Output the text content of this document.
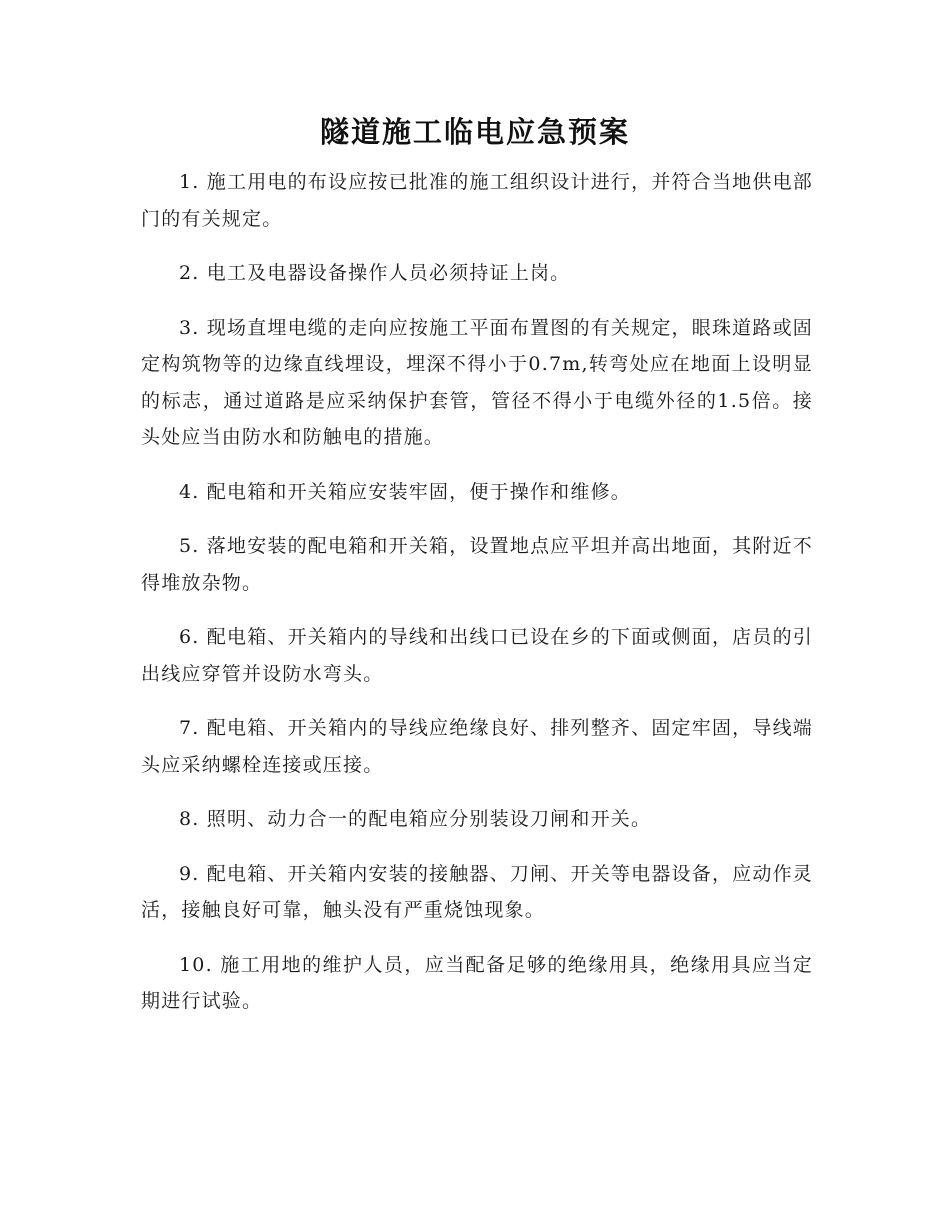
隧道施工临电应急预案

1. 施工用电的布设应按已批准的施工组织设计进行，并符合当地供电部门的有关规定。

2. 电工及电器设备操作人员必须持证上岗。

3. 现场直埋电缆的走向应按施工平面布置图的有关规定，眼珠道路或固定构筑物等的边缘直线埋设，埋深不得小于0.7m,转弯处应在地面上设明显的标志，通过道路是应采纳保护套管，管径不得小于电缆外径的1.5倍。接头处应当由防水和防触电的措施。

4. 配电箱和开关箱应安装牢固，便于操作和维修。

5. 落地安装的配电箱和开关箱，设置地点应平坦并高出地面，其附近不得堆放杂物。

6. 配电箱、开关箱内的导线和出线口已设在乡的下面或侧面，店员的引出线应穿管并设防水弯头。

7. 配电箱、开关箱内的导线应绝缘良好、排列整齐、固定牢固，导线端头应采纳螺栓连接或压接。

8. 照明、动力合一的配电箱应分别装设刀闸和开关。

9. 配电箱、开关箱内安装的接触器、刀闸、开关等电器设备，应动作灵活，接触良好可靠，触头没有严重烧蚀现象。

10. 施工用地的维护人员，应当配备足够的绝缘用具，绝缘用具应当定期进行试验。
